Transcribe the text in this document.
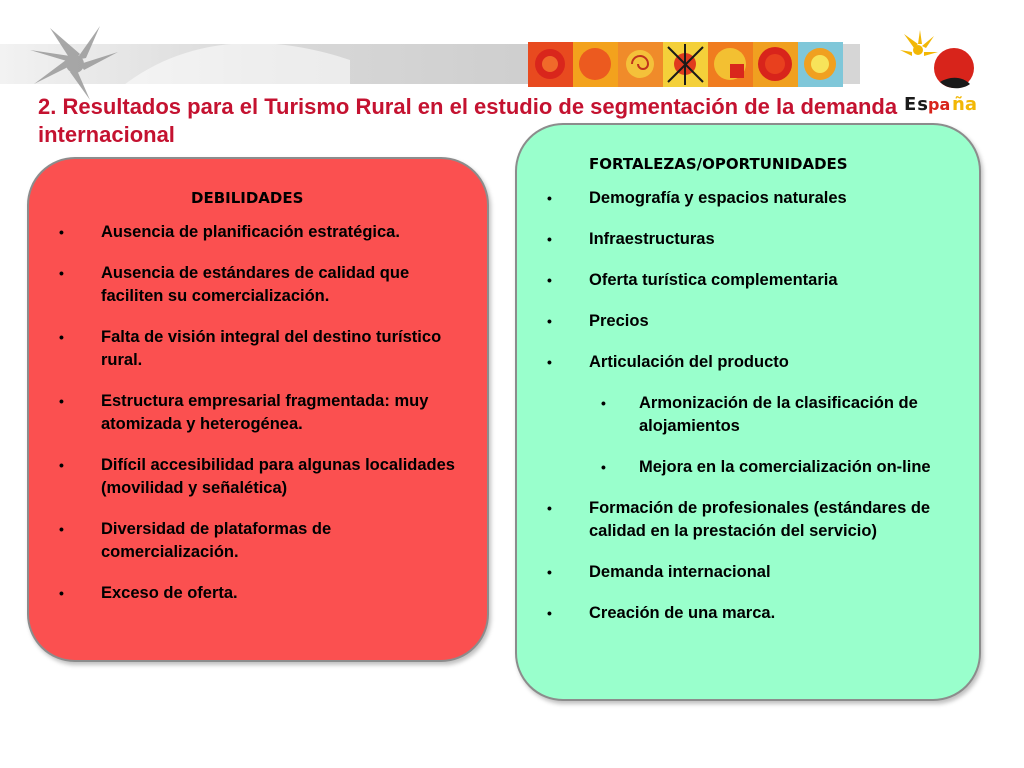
Es
pa ña
2. Resultados para el Turismo Rural en el estudio de segmentación de la demanda internacional
DEBILIDADES
•	Ausencia de planificación estratégica.
•	Ausencia de estándares de calidad que faciliten su comercialización.
•	Falta de visión integral del destino turístico rural.
•	Estructura empresarial fragmentada: muy atomizada y heterogénea.
•	Difícil accesibilidad para algunas localidades (movilidad y señalética)
•	Diversidad de plataformas de comercialización.
•	Exceso de oferta.
FORTALEZAS/OPORTUNIDADES
•	Demografía y espacios naturales
•	Infraestructuras
•	Oferta turística complementaria
•	Precios
•	Articulación del producto
•	Armonización de la clasificación de alojamientos
•	Mejora en la comercialización on-line
•	Formación de profesionales (estándares de calidad en la prestación del servicio)
•	Demanda internacional
•	Creación de una marca.
